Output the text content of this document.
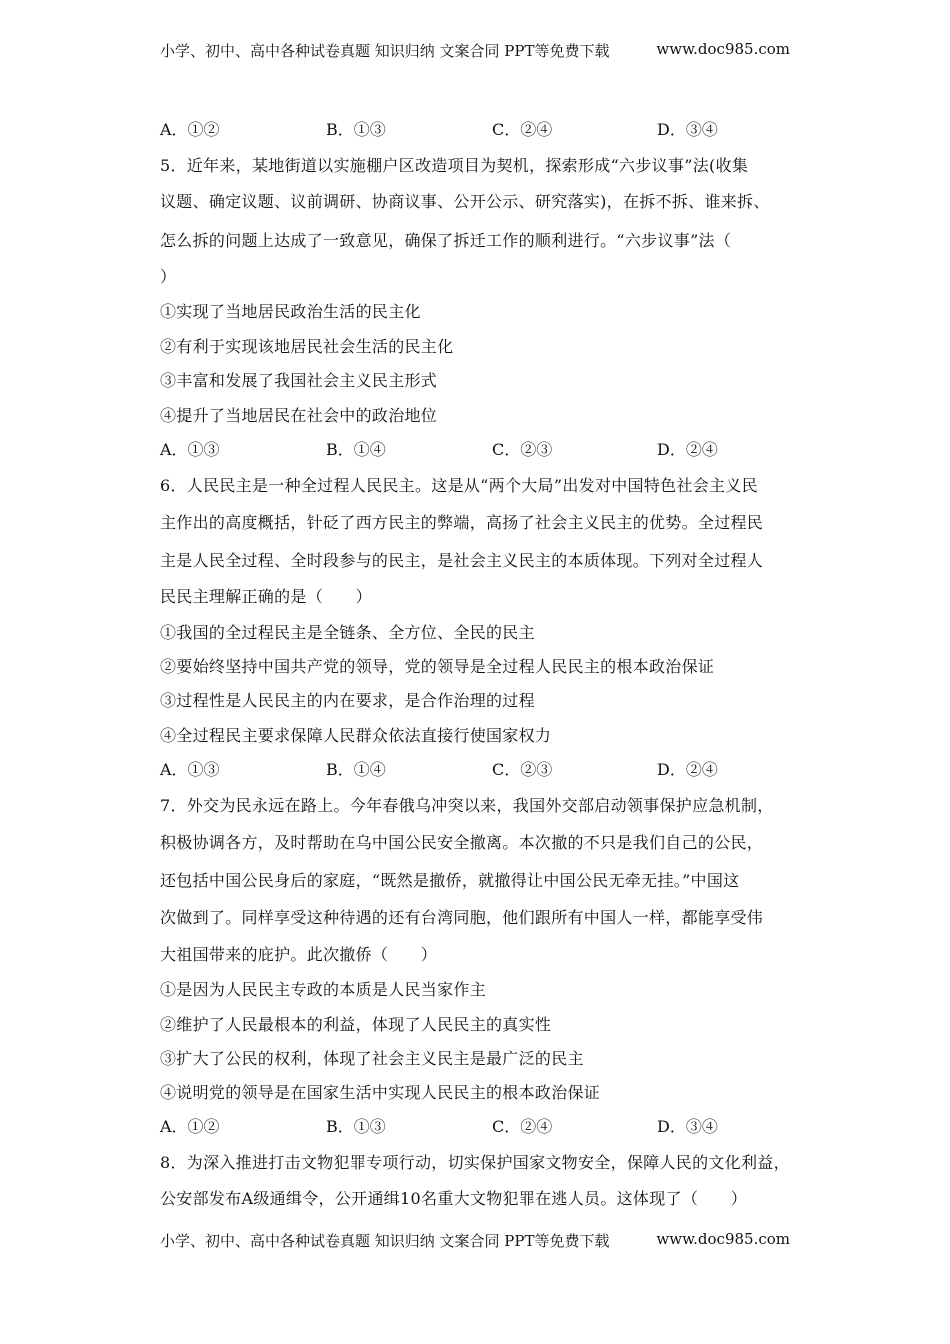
小学、初中、高中各种试卷真题 知识归纳 文案合同 PPT等免费下载	www.doc985.com
A．①②	B．①③	C．②④	D．③④
5．近年来，某地街道以实施棚户区改造项目为契机，探索形成“六步议事”法(收集
议题、确定议题、议前调研、协商议事、公开公示、研究落实)，在拆不拆、谁来拆、
怎么拆的问题上达成了一致意见，确保了拆迁工作的顺利进行。“六步议事”法（
）
①实现了当地居民政治生活的民主化
②有利于实现该地居民社会生活的民主化
③丰富和发展了我国社会主义民主形式
④提升了当地居民在社会中的政治地位
A．①③	B．①④	C．②③	D．②④
6．人民民主是一种全过程人民民主。这是从“两个大局”出发对中国特色社会主义民
主作出的高度概括，针砭了西方民主的弊端，高扬了社会主义民主的优势。全过程民
主是人民全过程、全时段参与的民主，是社会主义民主的本质体现。下列对全过程人
民民主理解正确的是（　　）
①我国的全过程民主是全链条、全方位、全民的民主
②要始终坚持中国共产党的领导，党的领导是全过程人民民主的根本政治保证
③过程性是人民民主的内在要求，是合作治理的过程
④全过程民主要求保障人民群众依法直接行使国家权力
A．①③	B．①④	C．②③	D．②④
7．外交为民永远在路上。今年春俄乌冲突以来，我国外交部启动领事保护应急机制，
积极协调各方，及时帮助在乌中国公民安全撤离。本次撤的不只是我们自己的公民，
还包括中国公民身后的家庭，“既然是撤侨，就撤得让中国公民无牵无挂。”中国这
次做到了。同样享受这种待遇的还有台湾同胞，他们跟所有中国人一样，都能享受伟
大祖国带来的庇护。此次撤侨（　　）
①是因为人民民主专政的本质是人民当家作主
②维护了人民最根本的利益，体现了人民民主的真实性
③扩大了公民的权利，体现了社会主义民主是最广泛的民主
④说明党的领导是在国家生活中实现人民民主的根本政治保证
A．①②	B．①③	C．②④	D．③④
8．为深入推进打击文物犯罪专项行动，切实保护国家文物安全，保障人民的文化利益，
公安部发布A级通缉令，公开通缉10名重大文物犯罪在逃人员。这体现了（　　）
小学、初中、高中各种试卷真题 知识归纳 文案合同 PPT等免费下载	www.doc985.com
